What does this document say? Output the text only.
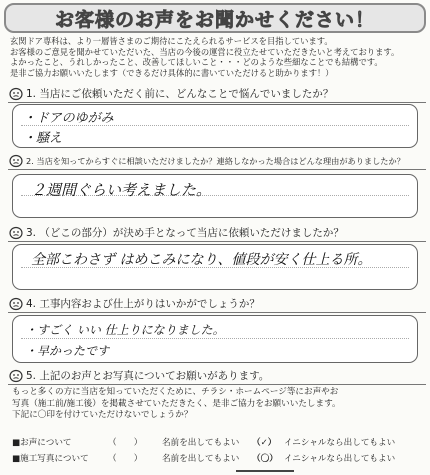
お客様のお声をお聞かせください！
玄関ドア専科は、より一層皆さまのご期待にこたえられるサービスを目指しています。
お客様のご意見を聞かせていただいた、当店の今後の運営に役立たせていただきたいと考えております。
よかったこと、うれしかったこと、改善してほしいこと・・・どのような些細なことでも結構です。
是非ご協力お願いいたします（できるだけ具体的に書いていただけると助かります！）
1. 当店にご依頼いただく前に、どんなことで悩んでいましたか？
・ドアのゆがみ
・騒え
2. 当店を知ってからすぐに相談いただけましたか？連絡しなかった場合はどんな理由がありましたか？
２週間ぐらい考えました。
3. （どこの部分）が決め手となって当店に依頼いただけましたか？
全部こわさず はめこみになり、値段が安く仕上る所。
4. 工事内容および仕上がりはいかがでしょうか？
・すごく いい 仕上りになりました。
・早かったです
5. 上記のお声とお写真についてお願いがあります。
もっと多くの方に当店を知っていただくために、チラシ・ホームページ等にお声やお
写真（施工前/施工後）を掲載させていただきたく、是非ご協力をお願いいたします。
下記に〇印を付けていただけないでしょうか？
■お声について	（　　） 名前を出してもよい （✓） イニシャルなら出してもよい
■施工写真について （　　） 名前を出してもよい （〇） イニシャルなら出してもよい
